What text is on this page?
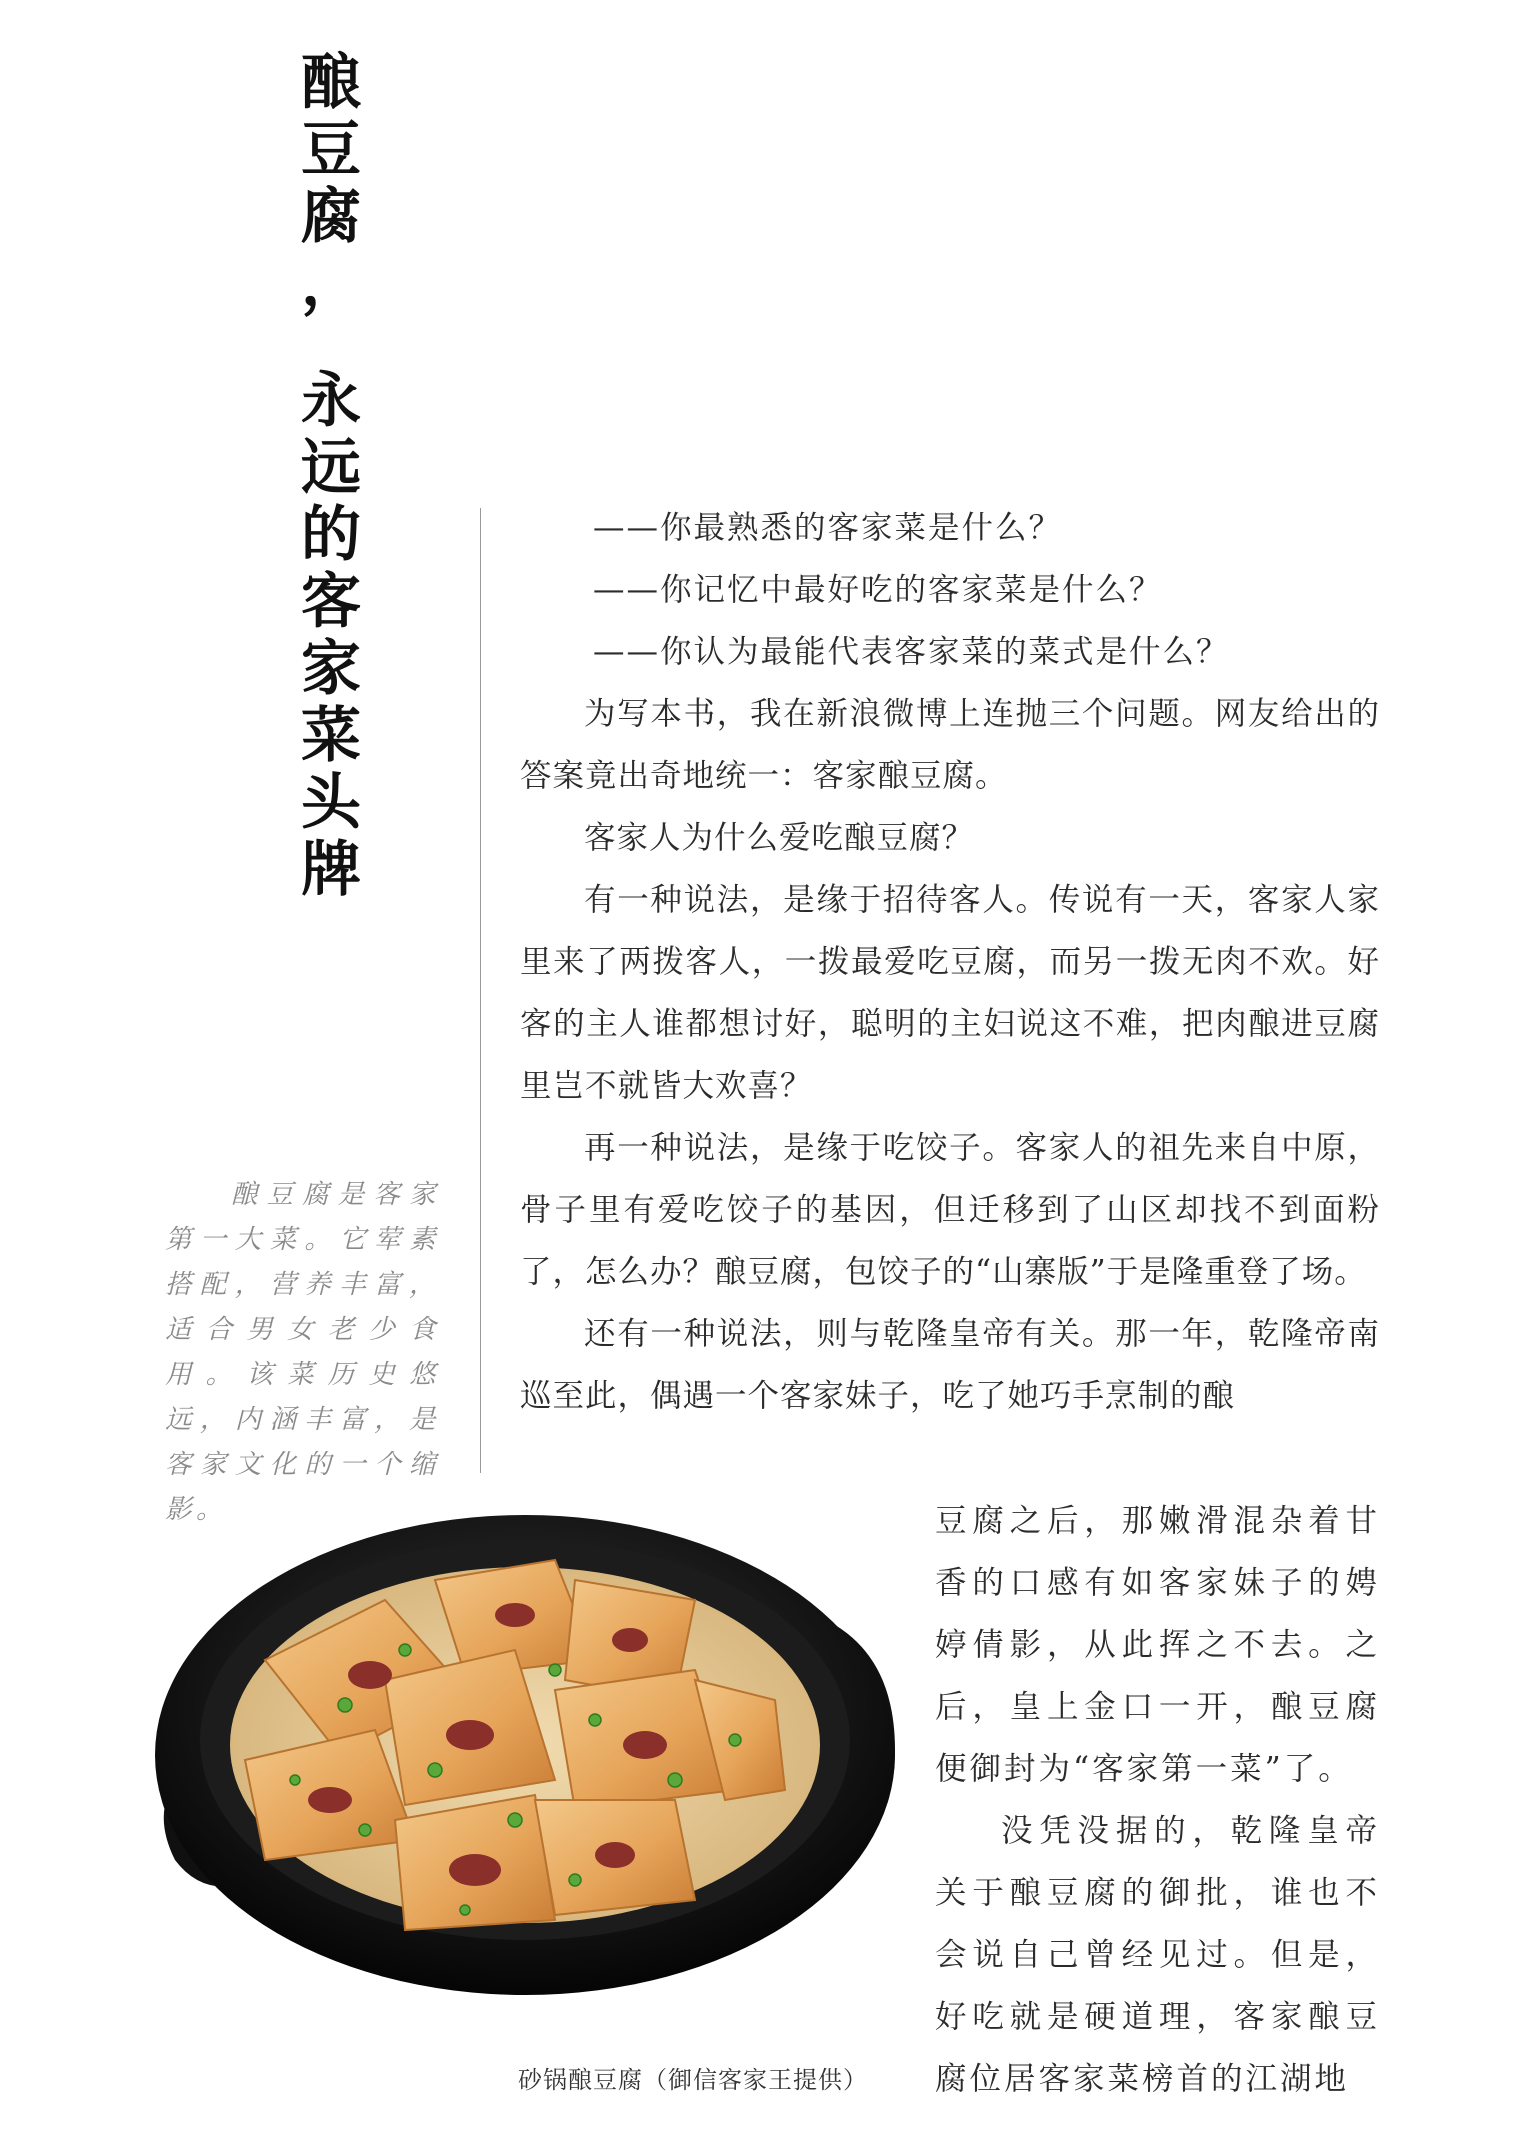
酿
豆
腐
，
永
远
的
客
家
菜
头
牌

酿豆腐是客家第一大菜。它荤素搭配，营养丰富，适合男女老少食用。该菜历史悠远，内涵丰富，是客家文化的一个缩影。

——你最熟悉的客家菜是什么？

——你记忆中最好吃的客家菜是什么？

——你认为最能代表客家菜的菜式是什么？

为写本书，我在新浪微博上连抛三个问题。网友给出的答案竟出奇地统一：客家酿豆腐。

客家人为什么爱吃酿豆腐？

有一种说法，是缘于招待客人。传说有一天，客家人家里来了两拨客人，一拨最爱吃豆腐，而另一拨无肉不欢。好客的主人谁都想讨好，聪明的主妇说这不难，把肉酿进豆腐里岂不就皆大欢喜？

再一种说法，是缘于吃饺子。客家人的祖先来自中原，骨子里有爱吃饺子的基因，但迁移到了山区却找不到面粉了，怎么办？酿豆腐，包饺子的“山寨版”于是隆重登了场。

还有一种说法，则与乾隆皇帝有关。那一年，乾隆帝南巡至此，偶遇一个客家妹子，吃了她巧手烹制的酿

豆腐之后，那嫩滑混杂着甘香的口感有如客家妹子的娉婷倩影，从此挥之不去。之后，皇上金口一开，酿豆腐便御封为“客家第一菜”了。

没凭没据的，乾隆皇帝关于酿豆腐的御批，谁也不会说自己曾经见过。但是，好吃就是硬道理，客家酿豆腐位居客家菜榜首的江湖地

砂锅酿豆腐（御信客家王提供）
